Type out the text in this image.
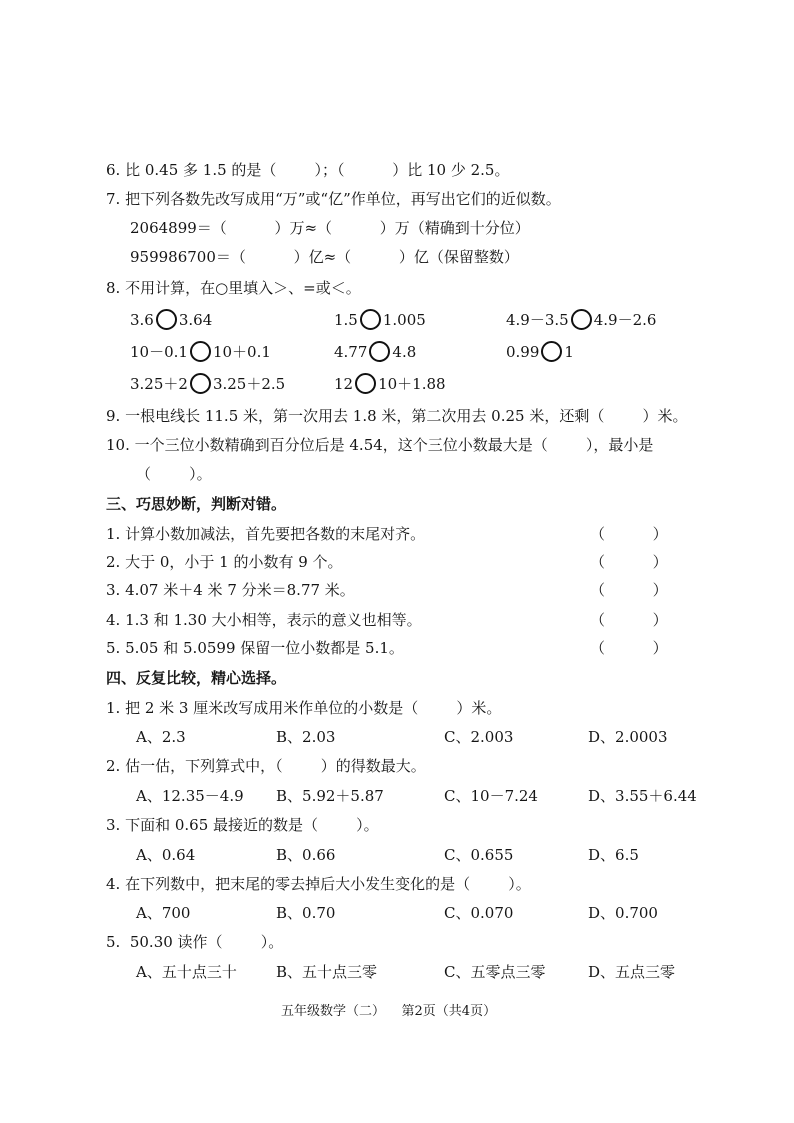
6. 比 0.45 多 1.5 的是（        ）；（          ）比 10 少 2.5。
7. 把下列各数先改写成用“万”或“亿”作单位，再写出它们的近似数。
2064899＝（          ）万≈（          ）万（精确到十分位）
959986700＝（          ）亿≈（          ）亿（保留整数）
8. 不用计算，在○里填入＞、=或＜。
3.6 3.64	1.5 1.005	4.9－3.5 4.9－2.6
10－0.1 10＋0.1	4.77 4.8	0.99 1
3.25＋2 3.25＋2.5	12 10＋1.88
9. 一根电线长 11.5 米，第一次用去 1.8 米，第二次用去 0.25 米，还剩（        ）米。
10. 一个三位小数精确到百分位后是 4.54，这个三位小数最大是（        ），最小是
（        ）。
三、巧思妙断，判断对错。
1. 计算小数加减法，首先要把各数的末尾对齐。	（          ）
2. 大于 0，小于 1 的小数有 9 个。	（          ）
3. 4.07 米＋4 米 7 分米＝8.77 米。	（          ）
4. 1.3 和 1.30 大小相等，表示的意义也相等。	（          ）
5. 5.05 和 5.0599 保留一位小数都是 5.1。	（          ）
四、反复比较，精心选择。
1. 把 2 米 3 厘米改写成用米作单位的小数是（        ）米。
A、2.3	B、2.03	C、2.003	D、2.0003
2. 估一估，下列算式中，（        ）的得数最大。
A、12.35－4.9 B、5.92＋5.87	C、10－7.24	D、3.55＋6.44
3. 下面和 0.65 最接近的数是（        ）。
A、0.64	B、0.66	C、0.655	D、6.5
4. 在下列数中，把末尾的零去掉后大小发生变化的是（        ）。
A、700	B、0.70	C、0.070	D、0.700
5.  50.30 读作（        ）。
A、五十点三十	B、五十点三零	C、五零点三零	D、五点三零
五年级数学（二）    第2页（共4页）
